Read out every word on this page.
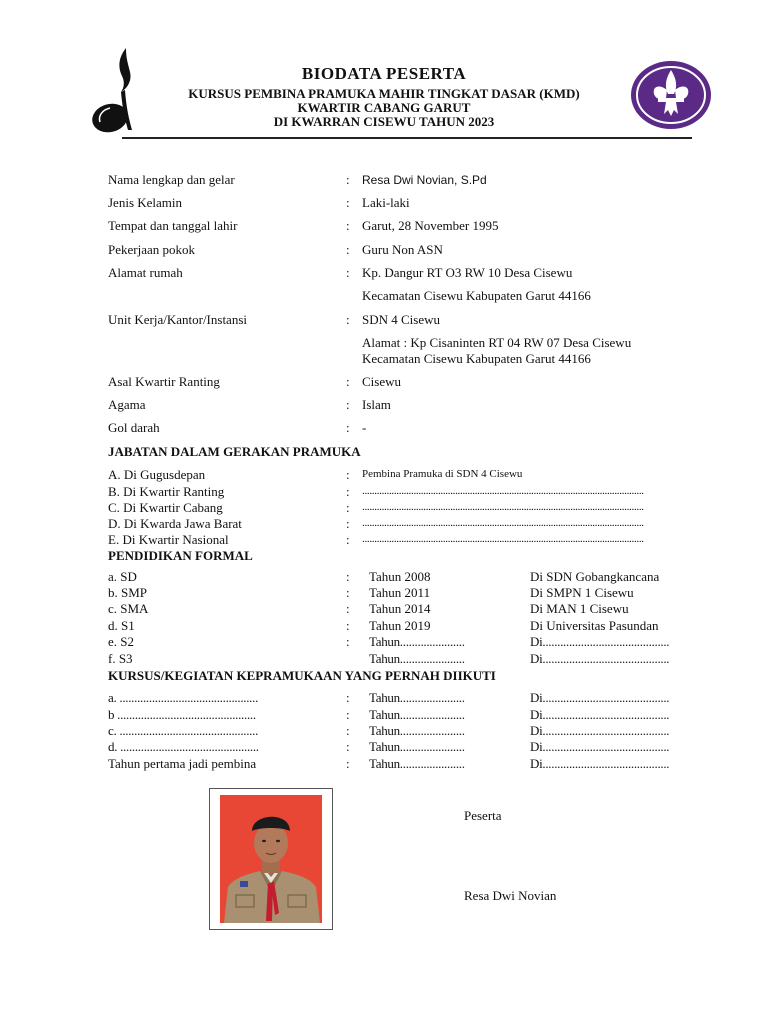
BIODATA PESERTA
KURSUS PEMBINA PRAMUKA MAHIR TINGKAT DASAR (KMD)
KWARTIR CABANG GARUT
DI KWARRAN CISEWU TAHUN 2023
Nama lengkap dan gelar	: Resa Dwi Novian, S.Pd
Jenis Kelamin	: Laki-laki
Tempat dan tanggal lahir	: Garut, 28 November 1995
Pekerjaan pokok	: Guru Non ASN
Alamat rumah	: Kp. Dangur RT O3 RW 10 Desa Cisewu
Kecamatan Cisewu Kabupaten Garut 44166
Unit Kerja/Kantor/Instansi	: SDN 4 Cisewu
Alamat : Kp Cisaninten RT 04 RW 07 Desa Cisewu
Kecamatan Cisewu Kabupaten Garut 44166
Asal Kwartir Ranting	: Cisewu
Agama	: Islam
Gol darah	: -
JABATAN DALAM GERAKAN PRAMUKA
A. Di Gugusdepan	: Pembina Pramuka di SDN 4 Cisewu
B. Di Kwartir Ranting	: ...................................................................................................................
C. Di Kwartir Cabang	: ...................................................................................................................
D. Di Kwarda Jawa Barat	: ...................................................................................................................
E. Di Kwartir Nasional	: ...................................................................................................................
PENDIDIKAN FORMAL
a. SD	: Tahun 2008	Di SDN Gobangkancana
b. SMP	: Tahun 2011	Di SMPN 1 Cisewu
c. SMA	: Tahun 2014	Di MAN 1 Cisewu
d. S1	: Tahun 2019	Di Universitas Pasundan
e. S2	: Tahun......................	Di...........................................
f. S3	Tahun......................	Di...........................................
KURSUS/KEGIATAN KEPRAMUKAAN YANG PERNAH DIIKUTI
a. ...............................................	: Tahun......................	Di...........................................
b ...............................................	: Tahun......................	Di...........................................
c. ...............................................	: Tahun......................	Di...........................................
d. ...............................................	: Tahun......................	Di...........................................
Tahun pertama jadi pembina	: Tahun......................	Di...........................................
Peserta
Resa Dwi Novian
